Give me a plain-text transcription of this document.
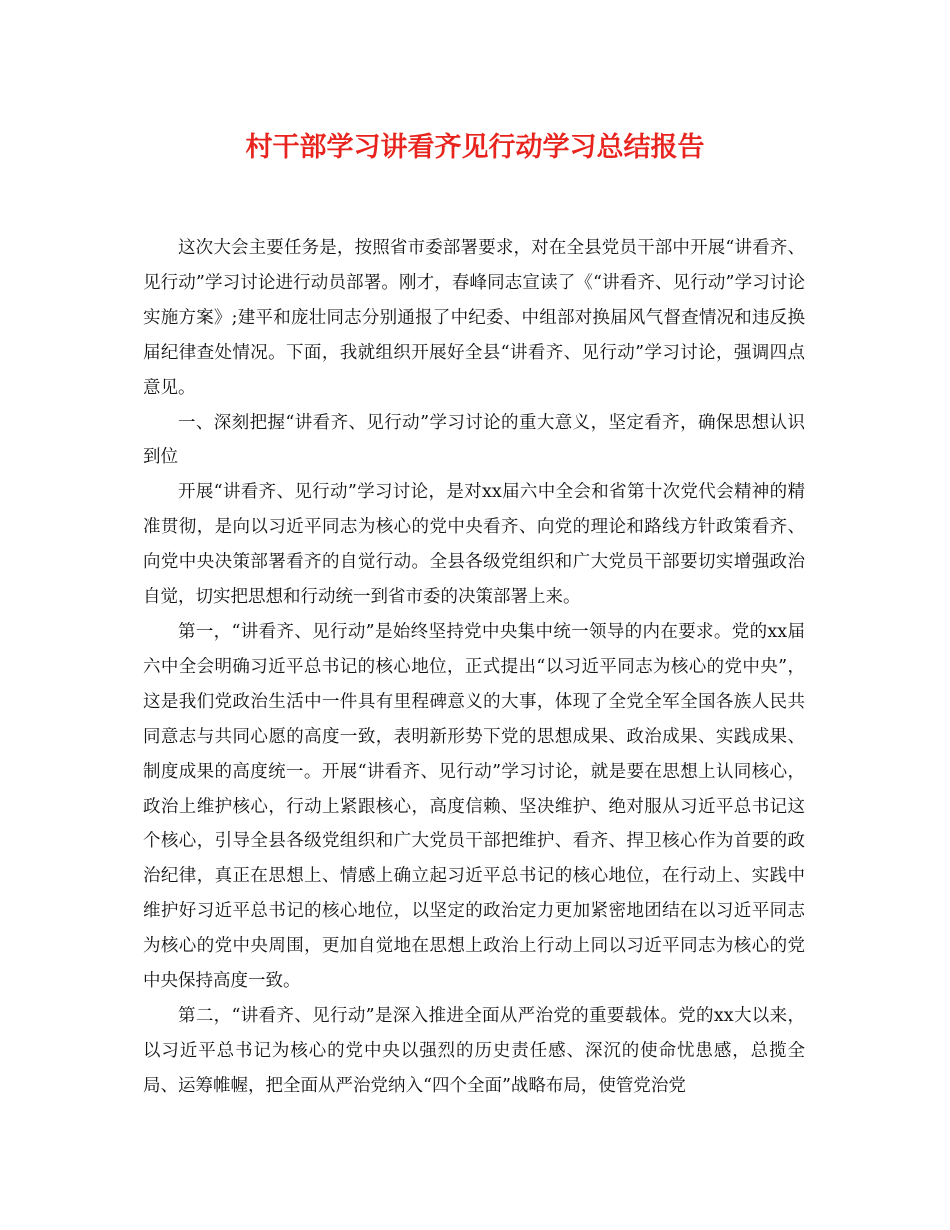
村干部学习讲看齐见行动学习总结报告

这次大会主要任务是，按照省市委部署要求，对在全县党员干部中开展“讲看齐、见行动”学习讨论进行动员部署。刚才，春峰同志宣读了《“讲看齐、见行动”学习讨论实施方案》;建平和庞壮同志分别通报了中纪委、中组部对换届风气督查情况和违反换届纪律查处情况。下面，我就组织开展好全县“讲看齐、见行动”学习讨论，强调四点意见。

一、深刻把握“讲看齐、见行动”学习讨论的重大意义，坚定看齐，确保思想认识到位

开展“讲看齐、见行动”学习讨论，是对xx届六中全会和省第十次党代会精神的精准贯彻，是向以习近平同志为核心的党中央看齐、向党的理论和路线方针政策看齐、向党中央决策部署看齐的自觉行动。全县各级党组织和广大党员干部要切实增强政治自觉，切实把思想和行动统一到省市委的决策部署上来。

第一，“讲看齐、见行动”是始终坚持党中央集中统一领导的内在要求。党的xx届六中全会明确习近平总书记的核心地位，正式提出“以习近平同志为核心的党中央”，这是我们党政治生活中一件具有里程碑意义的大事，体现了全党全军全国各族人民共同意志与共同心愿的高度一致，表明新形势下党的思想成果、政治成果、实践成果、制度成果的高度统一。开展“讲看齐、见行动”学习讨论，就是要在思想上认同核心，政治上维护核心，行动上紧跟核心，高度信赖、坚决维护、绝对服从习近平总书记这个核心，引导全县各级党组织和广大党员干部把维护、看齐、捍卫核心作为首要的政治纪律，真正在思想上、情感上确立起习近平总书记的核心地位，在行动上、实践中维护好习近平总书记的核心地位，以坚定的政治定力更加紧密地团结在以习近平同志为核心的党中央周围，更加自觉地在思想上政治上行动上同以习近平同志为核心的党中央保持高度一致。

第二，“讲看齐、见行动”是深入推进全面从严治党的重要载体。党的xx大以来，以习近平总书记为核心的党中央以强烈的历史责任感、深沉的使命忧患感，总揽全局、运筹帷幄，把全面从严治党纳入“四个全面”战略布局，使管党治党
